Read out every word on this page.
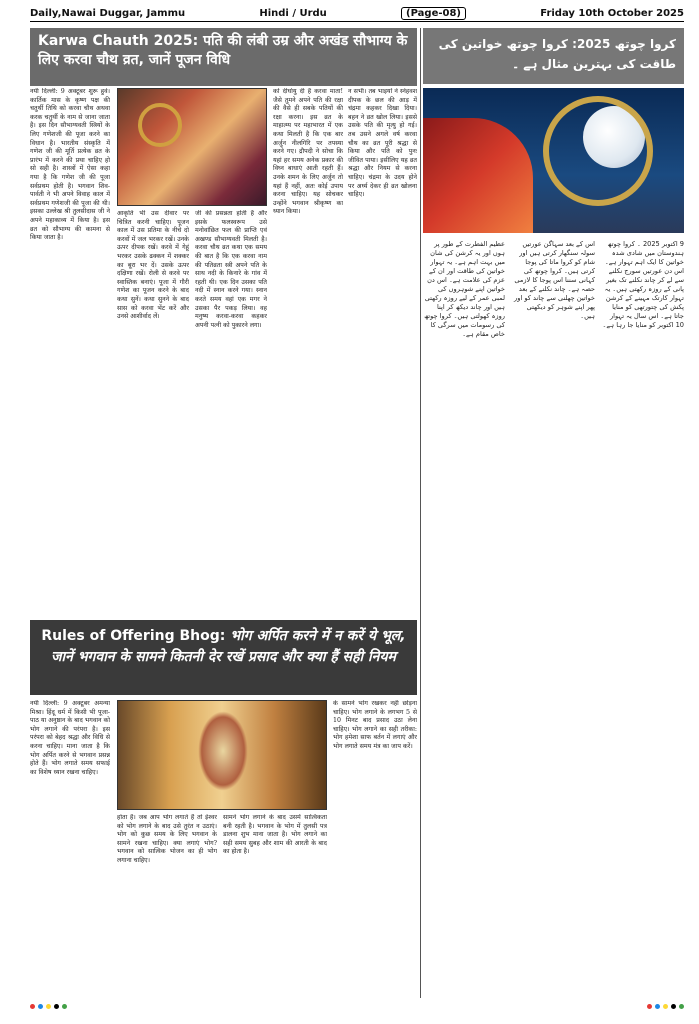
Daily,Nawai Duggar, Jammu	Hindi / Urdu	(Page-08)	Friday 10th October 2025
Karwa Chauth 2025: पति की लंबी उम्र और अखंड सौभाग्य के लिए करवा चौथ व्रत, जानें पूजन विधि
नयी दिल्ली: 9 अक्टूबर शुरू हुवे। कार्तिक मास के कृष्ण पक्ष की चतुर्थी तिथि को करवा चौथ अथवा करक चतुर्थी के नाम से जाना जाता है। इस दिन सौभाग्यवती स्त्रियों के लिए गणेशजी की पूजा करने का विधान है। भारतीय संस्कृति में गणेश जी की मूर्ति प्रत्येक व्रत के प्रारंभ में करने की प्रथा चाहिए हो सो सही है। शास्त्रों में ऐसा कहा गया है कि गणेश जी की पूजा सर्वप्रथम होती है। भगवान शिव-पार्वती ने भी अपने विवाह काल में सर्वप्रथम गणेशजी की पूजा की थी। इसका उल्लेख श्री तुलसीदास जी ने अपने महाकाव्य में किया है। इस व्रत को सौभाग्य की कामना से किया जाता है।
आकृति भी उस दीवार पर चित्रित करनी चाहिए। पूजन काल में उस प्रतिमा के नीचे दो करवों में जल भरकर रखें। उनके ऊपर दीपक रखें। करवे में गेहूं भरकर उसके ढक्कन में शक्कर का बूरा भर दें। उसके ऊपर दक्षिणा रखें। रोली से करवे पर स्वास्तिक बनाएं। पूजा में गौरी गणेश का पूजन करने के बाद कथा सुनें। कथा सुनने के बाद सास को करवा भेंट करें और उनसे आशीर्वाद लें।
जी की प्रसन्नता होती है और इसके फलस्वरूप उसे मनोवांछित फल की प्राप्ति एवं अखण्ड सौभाग्यवती मिलती है। करवा चौथ व्रत कथा एक समय की बात है कि एक करवा नाम की पतिव्रता स्त्री अपने पति के साथ नदी के किनारे के गांव में रहती थी। एक दिन उसका पति नदी में स्नान करने गया। स्नान करते समय वहां एक मगर ने उसका पैर पकड़ लिया। वह मनुष्य करवा-करवा कहकर अपनी पत्नी को पुकारने लगा।
को दीर्घायु दी है करवा माता! जैसे तुमने अपने पति की रक्षा की वैसे ही सबके पतियों की रक्षा करना। इस व्रत के माहात्म्य पर महाभारत में एक कथा मिलती है कि एक बार अर्जुन नीलगिरि पर तपस्या करने गए। द्रौपदी ने सोचा कि यहां हर समय अनेक प्रकार की विघ्न बाधाएं आती रहती हैं। उनके शमन के लिए अर्जुन तो यहां हैं नहीं, अतः कोई उपाय करना चाहिए। यह सोचकर उन्होंने भगवान श्रीकृष्ण का ध्यान किया।
न सभी। तब भाइयों ने स्नेहवश दीपक के छल की आड़ में चंद्रमा कहकर दिखा दिया। बहन ने व्रत खोल लिया। इससे उसके पति की मृत्यु हो गई। तब उसने अगले वर्ष करवा चौथ का व्रत पूरी श्रद्धा से किया और पति को पुनः जीवित पाया। इसीलिए यह व्रत श्रद्धा और नियम से करना चाहिए। चंद्रमा के उदय होने पर अर्घ्य देकर ही व्रत खोलना चाहिए।
Rules of Offering Bhog: भोग अर्पित करने में न करें ये भूल, जानें भगवान के सामने कितनी देर रखें प्रसाद और क्या हैं सही नियम
नयी दिल्ली: 9 अक्टूबर अमन्या मिश्रा। हिंदू धर्म में किसी भी पूजा-पाठ या अनुष्ठान के बाद भगवान को भोग लगाने की परंपरा है। इस परंपरा को बेहद श्रद्धा और विधि से करना चाहिए। माना जाता है कि भोग अर्पित करने से भगवान प्रसन्न होते हैं। भोग लगाते समय सफाई का विशेष ध्यान रखना चाहिए।
होता है। जब आप भोग लगाते हैं तो ईश्वर को भोग लगाने के बाद उसे तुरंत न उठाएं। भोग को कुछ समय के लिए भगवान के सामने रखना चाहिए। क्या लगाएं भोग? भगवान को सात्विक भोजन का ही भोग लगाना चाहिए।
सामने भोग लगाने के बाद उसमें सात्विकता बनी रहती है। भगवान के भोग में तुलसी पत्र डालना शुभ माना जाता है। भोग लगाने का सही समय सुबह और शाम की आरती के बाद का होता है।
के सामने भोग रखकर नहीं छोड़ना चाहिए। भोग लगाने के लगभग 5 से 10 मिनट बाद प्रसाद उठा लेना चाहिए। भोग लगाने का सही तरीका: भोग हमेशा साफ बर्तन में लगाएं और भोग लगाते समय मंत्र का जाप करें।
کروا چوتھ 2025: کروا چوتھ خواتین کی طاقت کی بہترین مثال ہے ۔
عظیم الفطرت کے طور پر ہوں اور یہ کرشن کی شان میں بہت اہم ہے۔ یہ تہوار خواتین کی طاقت اور ان کے عزم کی علامت ہے۔ اس دن خواتین اپنے شوہروں کی لمبی عمر کے لیے روزہ رکھتی ہیں اور چاند دیکھ کر اپنا روزہ کھولتی ہیں۔ کروا چوتھ کی رسومات میں سرگی کا خاص مقام ہے۔
اس کے بعد سہاگن عورتیں سولہ سنگھار کرتی ہیں اور شام کو کروا ماتا کی پوجا کرتی ہیں۔ کروا چوتھ کی کہانی سننا اس پوجا کا لازمی حصہ ہے۔ چاند نکلنے کے بعد خواتین چھلنی سے چاند کو اور پھر اپنے شوہر کو دیکھتی ہیں۔
9 اکتوبر 2025 ۔ کروا چوتھ ہندوستان میں شادی شدہ خواتین کا ایک اہم تہوار ہے۔ اس دن عورتیں سورج نکلنے سے لے کر چاند نکلنے تک بغیر پانی کے روزہ رکھتی ہیں۔ یہ تہوار کارتک مہینے کے کرشن پکش کی چتورتھی کو منایا جاتا ہے۔ اس سال یہ تہوار 10 اکتوبر کو منایا جا رہا ہے۔
